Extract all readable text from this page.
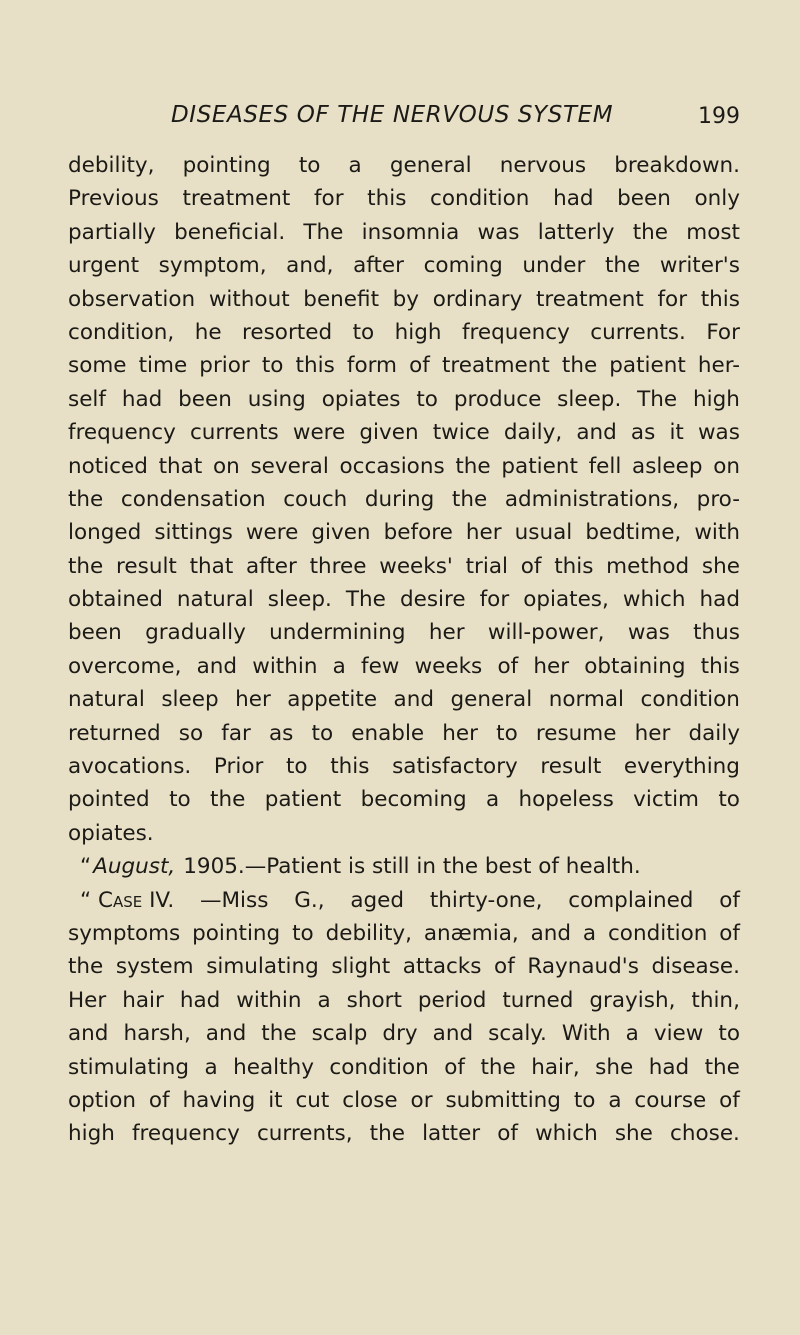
DISEASES OF THE NERVOUS SYSTEM	199
debility, pointing to a general nervous breakdown.
Previous treatment for this condition had been only
partially beneficial. The insomnia was latterly the most
urgent symptom, and, after coming under the writer's
observation without benefit by ordinary treatment for this
condition, he resorted to high frequency currents. For
some time prior to this form of treatment the patient her-
self had been using opiates to produce sleep. The high
frequency currents were given twice daily, and as it was
noticed that on several occasions the patient fell asleep on
the condensation couch during the administrations, pro-
longed sittings were given before her usual bedtime, with
the result that after three weeks' trial of this method she
obtained natural sleep. The desire for opiates, which had
been gradually undermining her will-power, was thus
overcome, and within a few weeks of her obtaining this
natural sleep her appetite and general normal condition
returned so far as to enable her to resume her daily
avocations. Prior to this satisfactory result everything
pointed to the patient becoming a hopeless victim to
opiates.
“ August, 1905.—Patient is still in the best of health.
“ Case IV. —Miss G., aged thirty-one, complained of
symptoms pointing to debility, anæmia, and a condition of
the system simulating slight attacks of Raynaud's disease.
Her hair had within a short period turned grayish, thin,
and harsh, and the scalp dry and scaly. With a view to
stimulating a healthy condition of the hair, she had the
option of having it cut close or submitting to a course of
high frequency currents, the latter of which she chose.
